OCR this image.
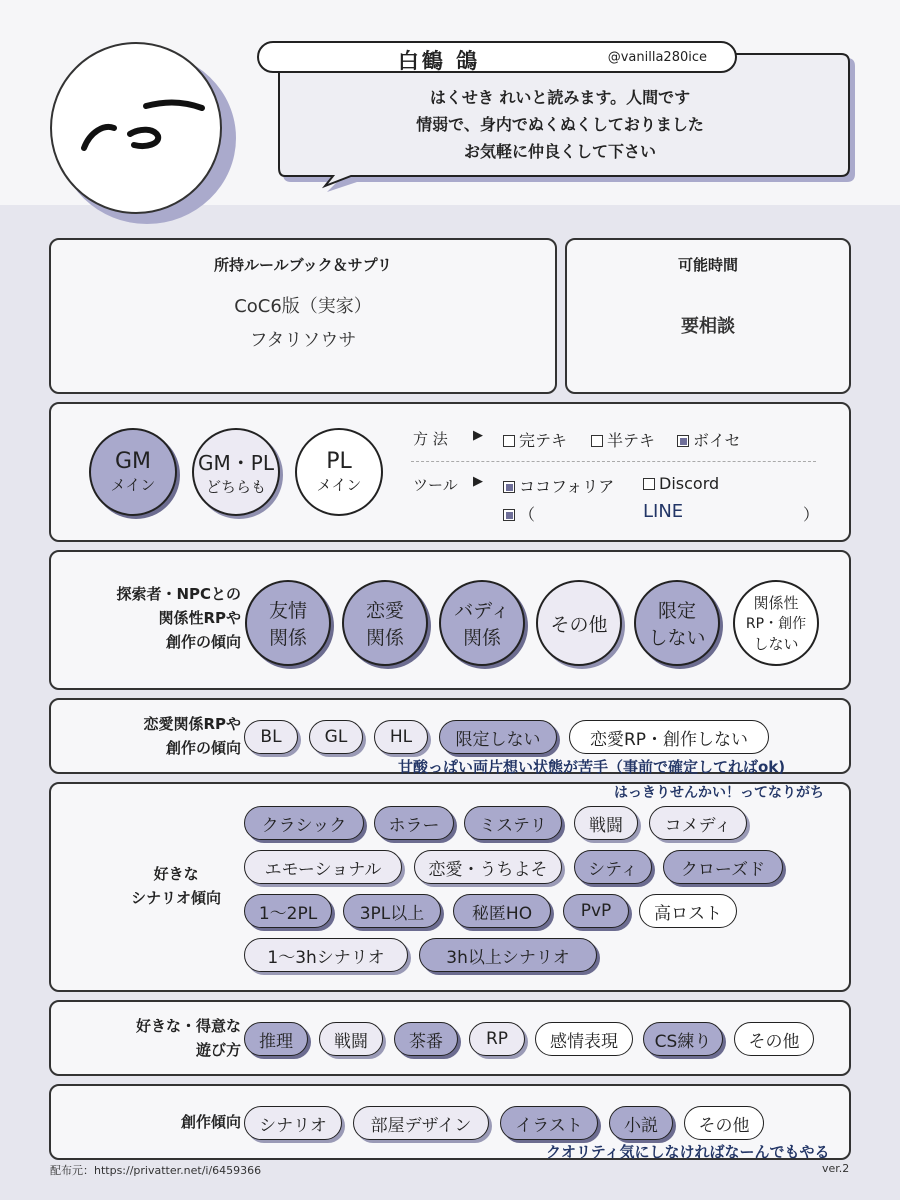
白鶴 鴿	@vanilla280ice
はくせき れいと読みます。人間です
情弱で、身内でぬくぬくしておりました
お気軽に仲良くして下さい
所持ルールブック＆サプリ
CoC6版（実家）
フタリソウサ
可能時間
要相談
GM
メイン
GM・PL
どちらも
PL
メイン
方 法 ▶	完テキ	半テキ	ボイセ
ツール ▶	ココフォリア	Discord
（	LINE	）
探索者・NPCとの
関係性RPや
創作の傾向
友情
関係
恋愛
関係
バディ
関係
その他
限定
しない
関係性
RP・創作
しない
恋愛関係RPや
創作の傾向
BL	GL	HL	限定しない	恋愛RP・創作しない
甘酸っぱい両片想い状態が苦手（事前で確定してればok)
好きな
シナリオ傾向
クラシック	ホラー	ミステリ	戦闘	コメディ
エモーショナル	恋愛・うちよそ	シティ	クローズド
1〜2PL	3PL以上	秘匿HO	PvP	高ロスト
1〜3hシナリオ	3h以上シナリオ
はっきりせんかい！ってなりがち
好きな・得意な
遊び方	推理	戦闘	茶番	RP	感情表現	CS練り	その他
創作傾向	シナリオ	部屋デザイン	イラスト	小説	その他
クオリティ気にしなければなーんでもやる
配布元：https://privatter.net/i/6459366	ver.2
